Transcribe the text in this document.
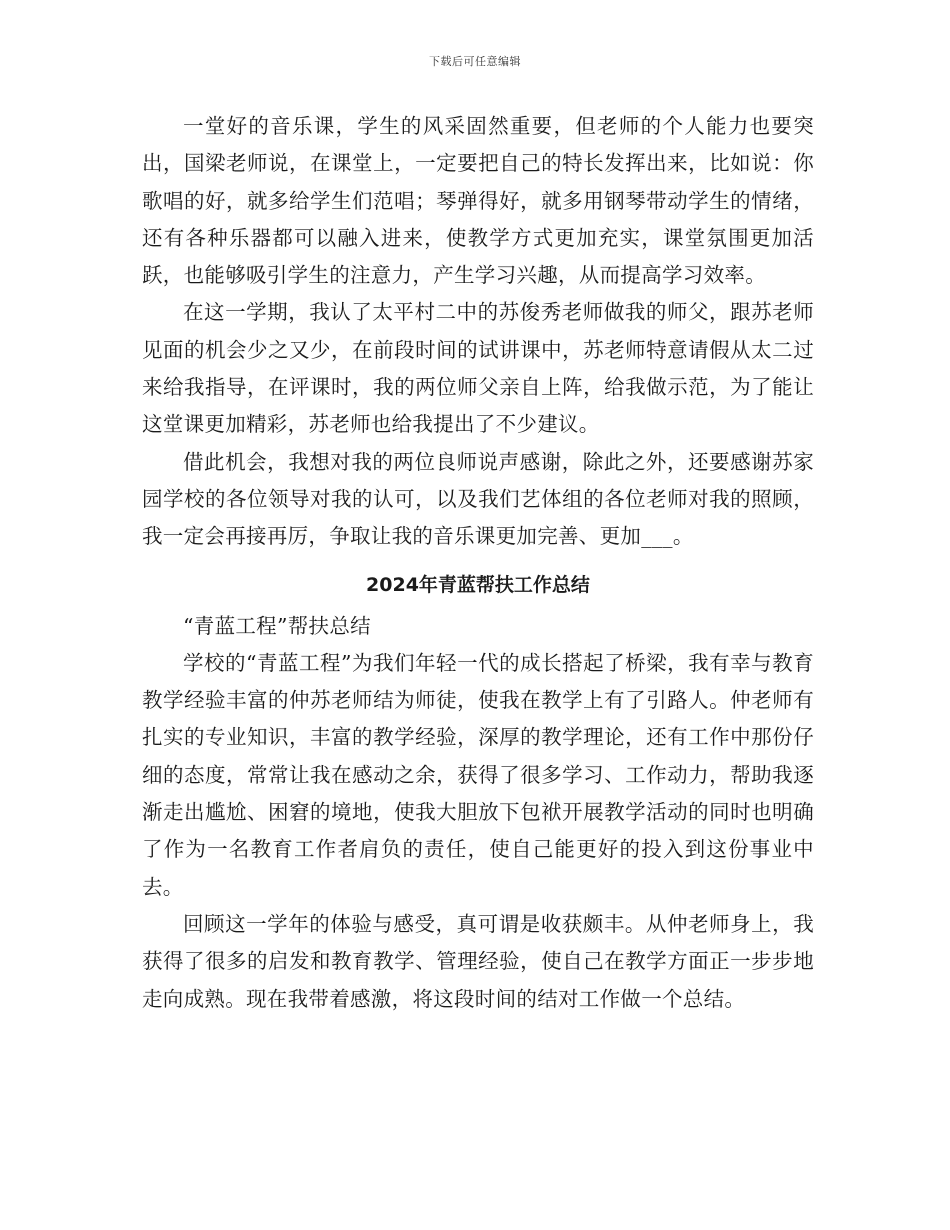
下载后可任意编辑

一堂好的音乐课，学生的风采固然重要，但老师的个人能力也要突出，国梁老师说，在课堂上，一定要把自己的特长发挥出来，比如说：你歌唱的好，就多给学生们范唱；琴弹得好，就多用钢琴带动学生的情绪，还有各种乐器都可以融入进来，使教学方式更加充实，课堂氛围更加活跃，也能够吸引学生的注意力，产生学习兴趣，从而提高学习效率。

在这一学期，我认了太平村二中的苏俊秀老师做我的师父，跟苏老师见面的机会少之又少，在前段时间的试讲课中，苏老师特意请假从太二过来给我指导，在评课时，我的两位师父亲自上阵，给我做示范，为了能让这堂课更加精彩，苏老师也给我提出了不少建议。

借此机会，我想对我的两位良师说声感谢，除此之外，还要感谢苏家园学校的各位领导对我的认可，以及我们艺体组的各位老师对我的照顾，我一定会再接再厉，争取让我的音乐课更加完善、更加___。

2024年青蓝帮扶工作总结

“青蓝工程”帮扶总结

学校的“青蓝工程”为我们年轻一代的成长搭起了桥梁，我有幸与教育教学经验丰富的仲苏老师结为师徒，使我在教学上有了引路人。仲老师有扎实的专业知识，丰富的教学经验，深厚的教学理论，还有工作中那份仔细的态度，常常让我在感动之余，获得了很多学习、工作动力，帮助我逐渐走出尴尬、困窘的境地，使我大胆放下包袱开展教学活动的同时也明确了作为一名教育工作者肩负的责任，使自己能更好的投入到这份事业中去。

回顾这一学年的体验与感受，真可谓是收获颇丰。从仲老师身上，我获得了很多的启发和教育教学、管理经验，使自己在教学方面正一步步地走向成熟。现在我带着感激，将这段时间的结对工作做一个总结。
